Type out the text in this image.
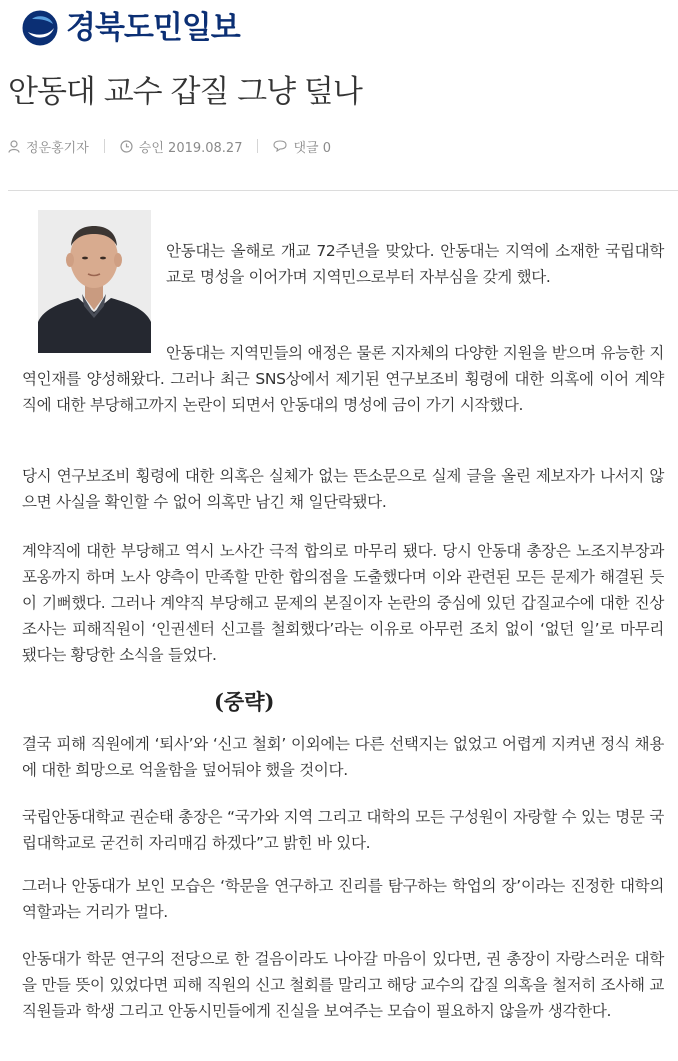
경북도민일보
안동대 교수 갑질 그냥 덮나
정운홍기자	승인 2019.08.27	댓글 0

안동대는 올해로 개교 72주년을 맞았다. 안동대는 지역에 소재한 국립대학교로 명성을 이어가며 지역민으로부터 자부심을 갖게 했다.

안동대는 지역민들의 애정은 물론 지자체의 다양한 지원을 받으며 유능한 지역인재를 양성해왔다. 그러나 최근 SNS상에서 제기된 연구보조비 횡령에 대한 의혹에 이어 계약직에 대한 부당해고까지 논란이 되면서 안동대의 명성에 금이 가기 시작했다.

당시 연구보조비 횡령에 대한 의혹은 실체가 없는 뜬소문으로 실제 글을 올린 제보자가 나서지 않으면 사실을 확인할 수 없어 의혹만 남긴 채 일단락됐다.

계약직에 대한 부당해고 역시 노사간 극적 합의로 마무리 됐다. 당시 안동대 총장은 노조지부장과 포옹까지 하며 노사 양측이 만족할 만한 합의점을 도출했다며 이와 관련된 모든 문제가 해결된 듯이 기뻐했다. 그러나 계약직 부당해고 문제의 본질이자 논란의 중심에 있던 갑질교수에 대한 진상조사는 피해직원이 ‘인권센터 신고를 철회했다’라는 이유로 아무런 조치 없이 ‘없던 일’로 마무리 됐다는 황당한 소식을 들었다.

(중략)

결국 피해 직원에게 ‘퇴사’와 ‘신고 철회’ 이외에는 다른 선택지는 없었고 어렵게 지켜낸 정식 채용에 대한 희망으로 억울함을 덮어둬야 했을 것이다.

국립안동대학교 권순태 총장은 “국가와 지역 그리고 대학의 모든 구성원이 자랑할 수 있는 명문 국립대학교로 굳건히 자리매김 하겠다”고 밝힌 바 있다.

그러나 안동대가 보인 모습은 ‘학문을 연구하고 진리를 탐구하는 학업의 장’이라는 진정한 대학의 역할과는 거리가 멀다.

안동대가 학문 연구의 전당으로 한 걸음이라도 나아갈 마음이 있다면, 권 총장이 자랑스러운 대학을 만들 뜻이 있었다면 피해 직원의 신고 철회를 말리고 해당 교수의 갑질 의혹을 철저히 조사해 교직원들과 학생 그리고 안동시민들에게 진실을 보여주는 모습이 필요하지 않을까 생각한다.
